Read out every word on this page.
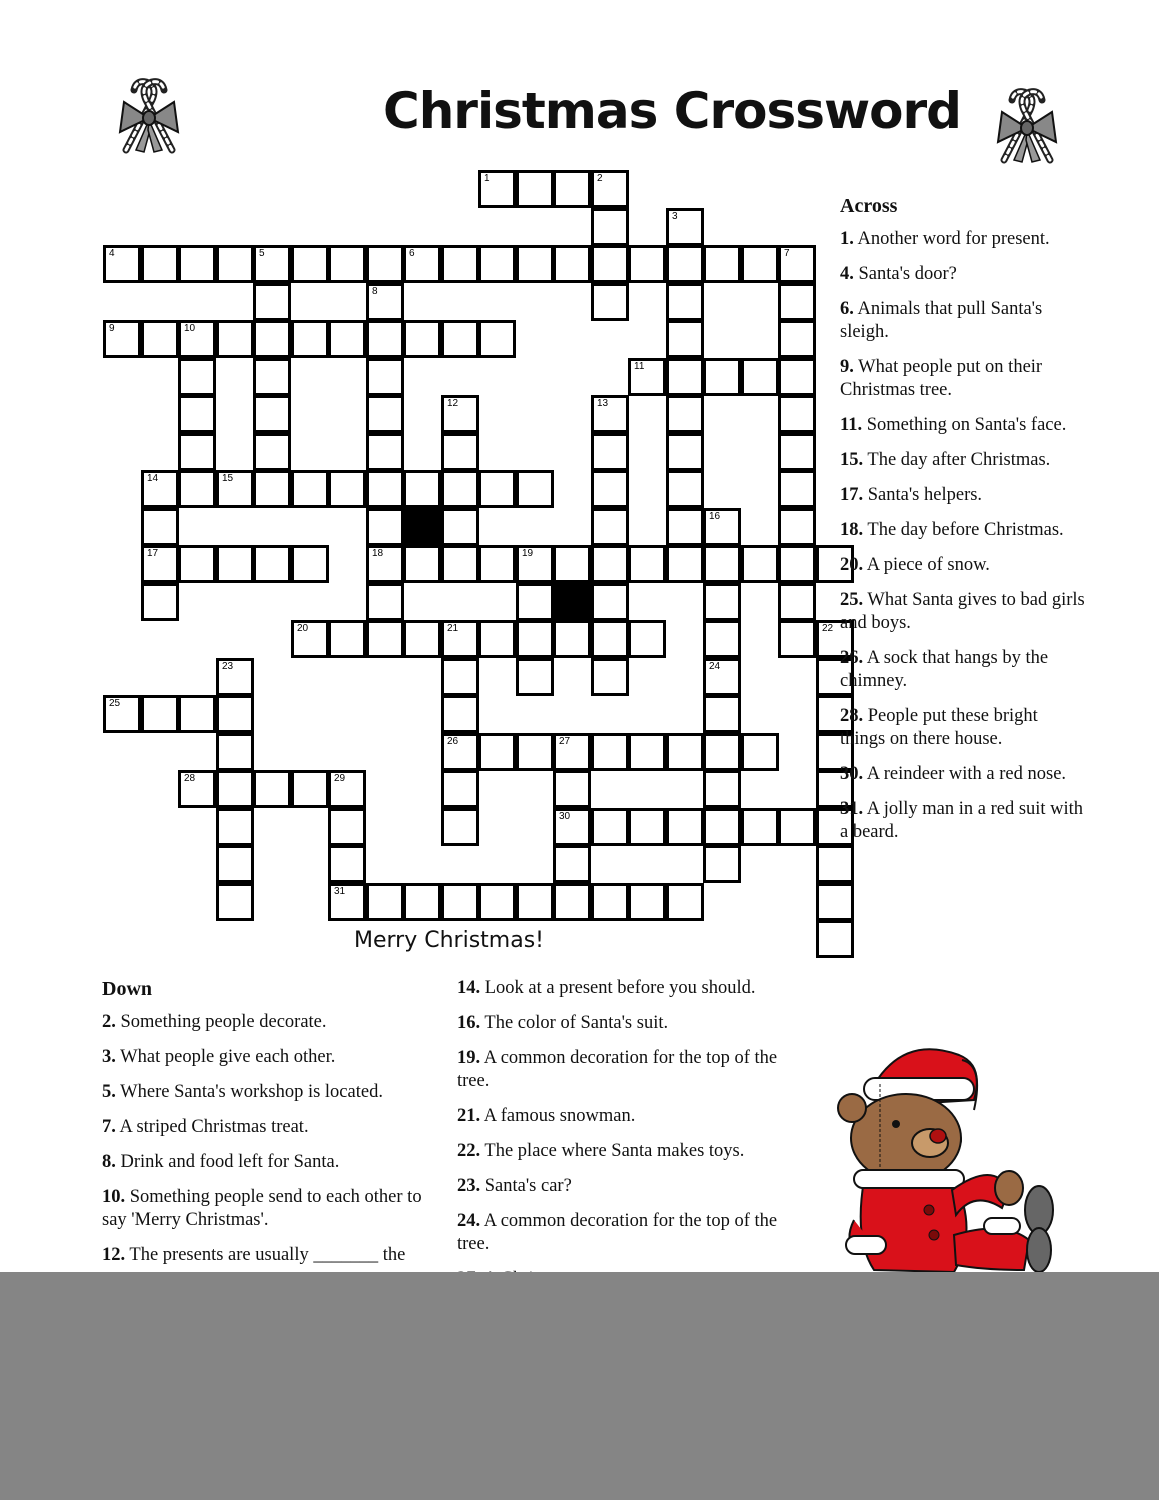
Christmas Crossword
1	2
4	5	6	7
9	10
11
14	15
17	18	19
20	21
25
26	27
28	29
30
31
3
8
12	13
16
22
23	24
Merry Christmas!
Across
1. Another word for present.
4. Santa's door?
6. Animals that pull Santa's sleigh.
9. What people put on their Christmas tree.
11. Something on Santa's face.
15. The day after Christmas.
17. Santa's helpers.
18. The day before Christmas.
20. A piece of snow.
25. What Santa gives to bad girls and boys.
26. A sock that hangs by the chimney.
28. People put these bright things on there house.
30. A reindeer with a red nose.
31. A jolly man in a red suit with a beard.
Down
2. Something people decorate.
3. What people give each other.
5. Where Santa's workshop is located.
7. A striped Christmas treat.
8. Drink and food left for Santa.
10. Something people send to each other to say 'Merry Christmas'.
12. The presents are usually _______ the
14. Look at a present before you should.
16. The color of Santa's suit.
19. A common decoration for the top of the tree.
21. A famous snowman.
22. The place where Santa makes toys.
23. Santa's car?
24. A common decoration for the top of the tree.
